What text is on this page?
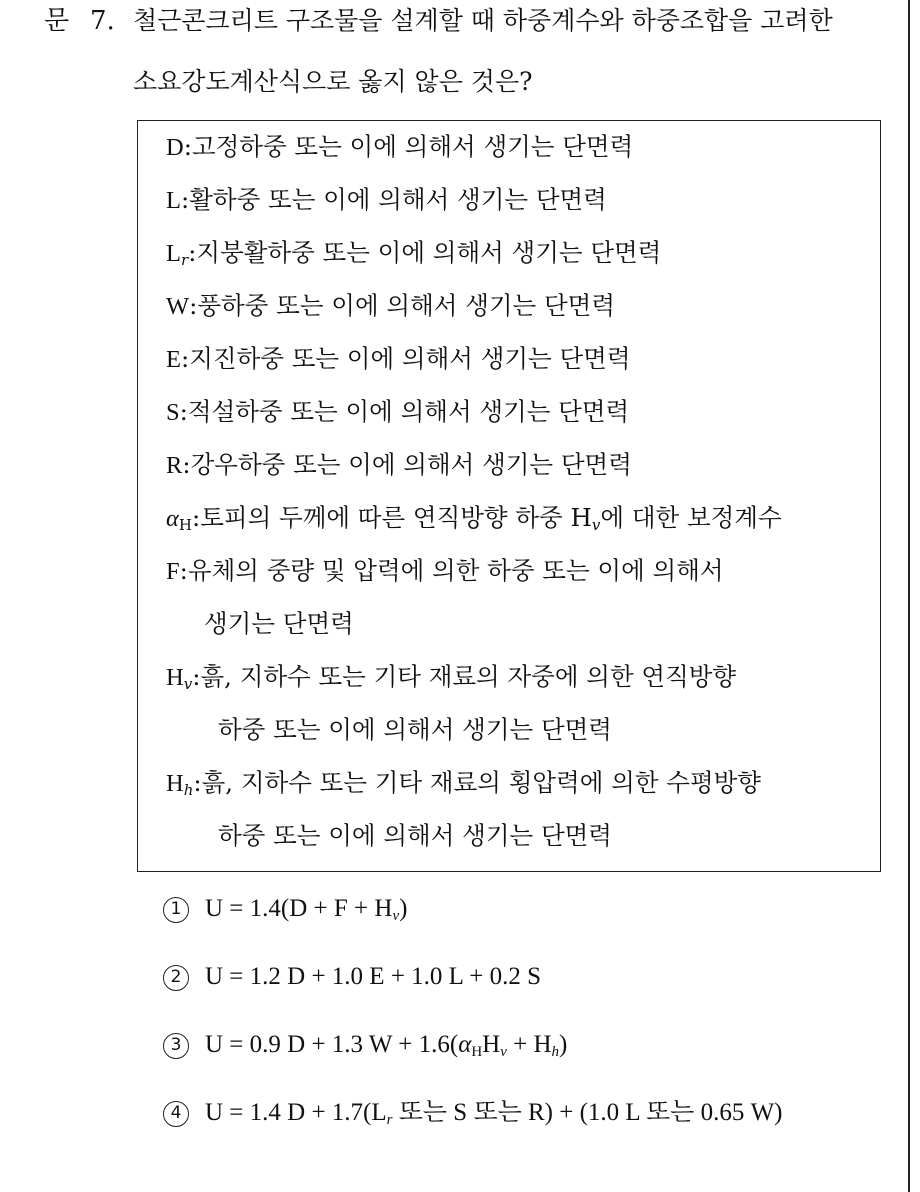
문 7. 철근콘크리트 구조물을 설계할 때 하중계수와 하중조합을 고려한
소요강도계산식으로 옳지 않은 것은?
D:고정하중 또는 이에 의해서 생기는 단면력
L:활하중 또는 이에 의해서 생기는 단면력
$L_r$:지붕활하중 또는 이에 의해서 생기는 단면력
W:풍하중 또는 이에 의해서 생기는 단면력
E:지진하중 또는 이에 의해서 생기는 단면력
S:적설하중 또는 이에 의해서 생기는 단면력
R:강우하중 또는 이에 의해서 생기는 단면력
αH:토피의 두께에 따른 연직방향 하중 $H_v$에 대한 보정계수
F:유체의 중량 및 압력에 의한 하중 또는 이에 의해서
생기는 단면력
$H_v$:흙, 지하수 또는 기타 재료의 자중에 의한 연직방향
하중 또는 이에 의해서 생기는 단면력
$H_h$:흙, 지하수 또는 기타 재료의 횡압력에 의한 수평방향
하중 또는 이에 의해서 생기는 단면력
1 $U = 1.4(D + F + H_v)$
2 U = 1.2 D + 1.0 E + 1.0 L + 0.2 S
3 U = 0.9 D + 1.3 $W + 1.6(\alpha HH_v + H_h)$
4 U = 1.4 $D + 1.7(L_r$ 또는 S 또는 R) + (1.0 L 또는 0.65 W)
